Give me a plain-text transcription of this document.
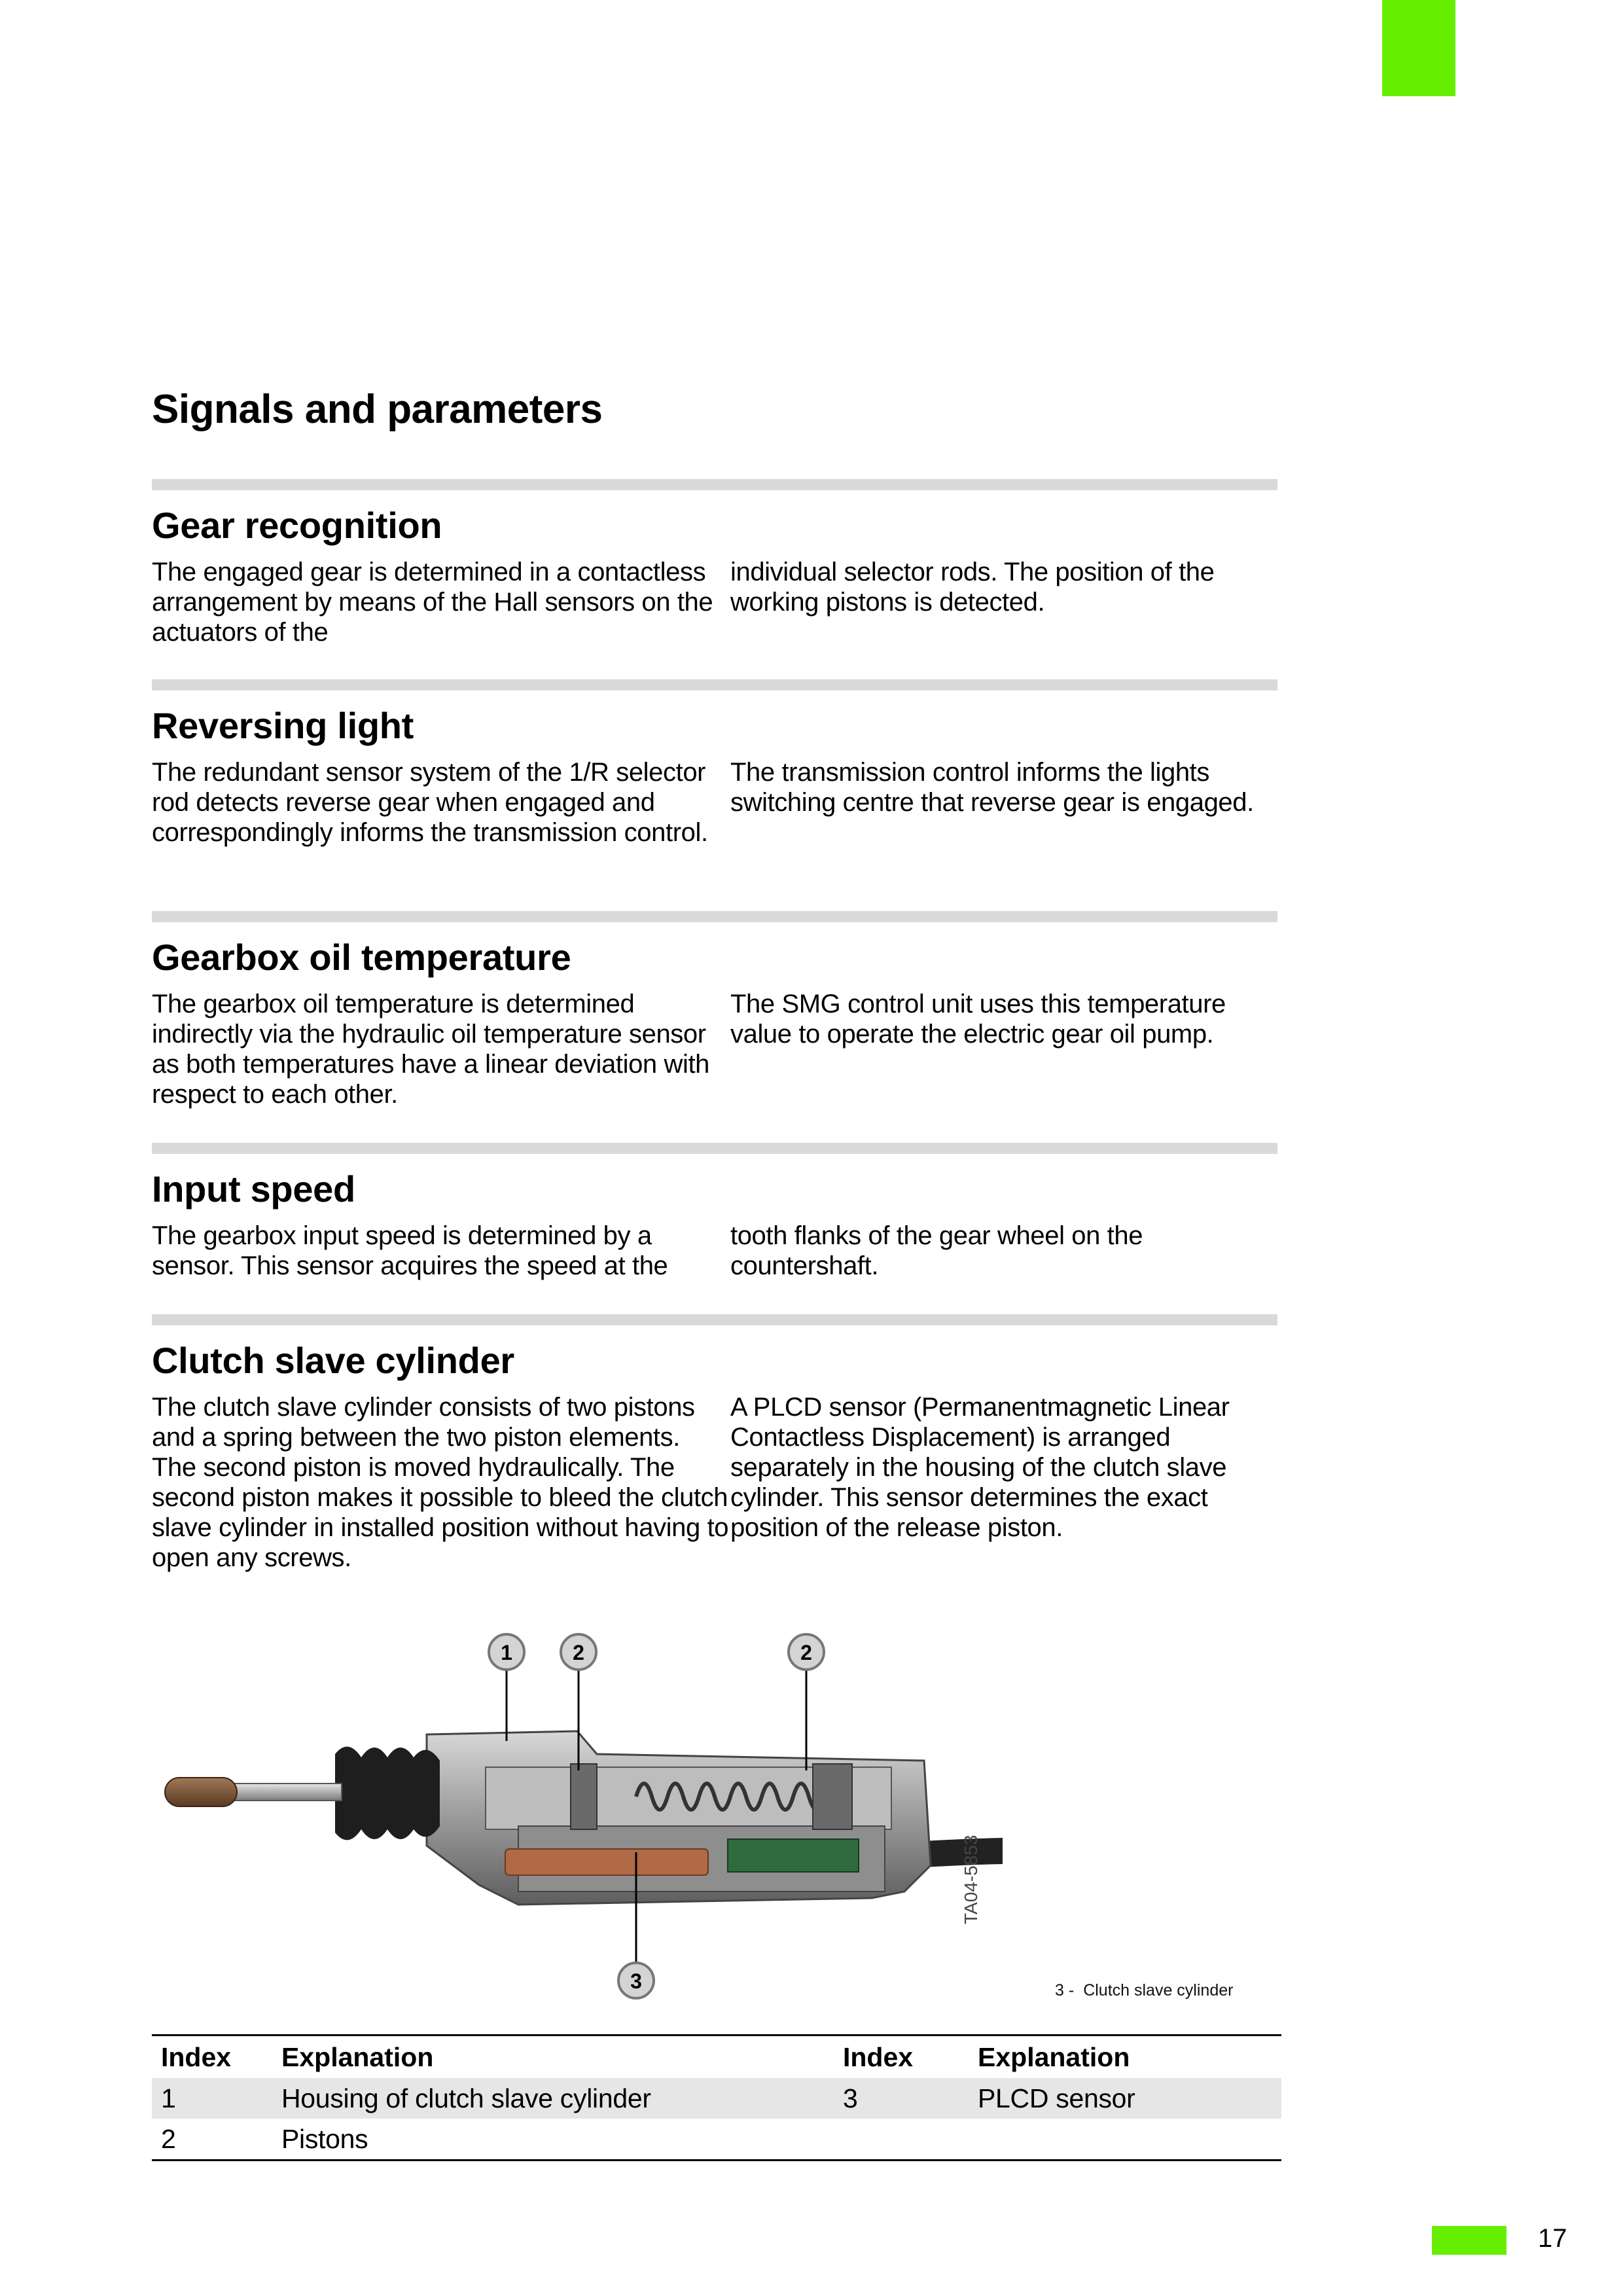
Signals and parameters
Gear recognition

The engaged gear is determined in a contactless arrangement by means of the Hall sensors on the actuators of the

individual selector rods. The position of the working pistons is detected.

Reversing light

The redundant sensor system of the 1/R selector rod detects reverse gear when engaged and correspondingly informs the transmission control.

The transmission control informs the lights switching centre that reverse gear is engaged.

Gearbox oil temperature

The gearbox oil temperature is determined indirectly via the hydraulic oil temperature sensor as both temperatures have a linear deviation with respect to each other.

The SMG control unit uses this temperature value to operate the electric gear oil pump.

Input speed

The gearbox input speed is determined by a sensor. This sensor acquires the speed at the

tooth flanks of the gear wheel on the countershaft.

Clutch slave cylinder

The clutch slave cylinder consists of two pistons and a spring between the two piston elements. The second piston is moved hydraulically. The second piston makes it possible to bleed the clutch slave cylinder in installed position without having to open any screws.

A PLCD sensor (Permanentmagnetic Linear Contactless Displacement) is arranged separately in the housing of the clutch slave cylinder. This sensor determines the exact position of the release piston.

1	2	2
3
TA04-5853
3 - Clutch slave cylinder
Index	Explanation	Index	Explanation
1	Housing of clutch slave cylinder	3	PLCD sensor
2	Pistons		
17
